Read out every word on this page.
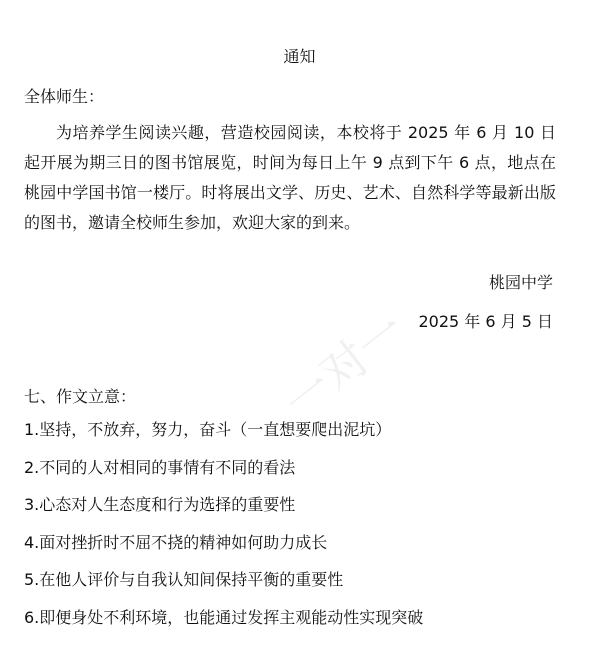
通知
全体师生：
为培养学生阅读兴趣，营造校园阅读，本校将于 2025 年 6 月 10 日起开展为期三日的图书馆展览，时间为每日上午 9 点到下午 6 点，地点在桃园中学国书馆一楼厅。时将展出文学、历史、艺术、自然科学等最新出版的图书，邀请全校师生参加，欢迎大家的到来。
桃园中学
2025 年 6 月 5 日
七、作文立意：
1.坚持，不放弃，努力，奋斗（一直想要爬出泥坑）
2.不同的人对相同的事情有不同的看法
3.心态对人生态度和行为选择的重要性
4.面对挫折时不屈不挠的精神如何助力成长
5.在他人评价与自我认知间保持平衡的重要性
6.即便身处不利环境，也能通过发挥主观能动性实现突破
一对一
